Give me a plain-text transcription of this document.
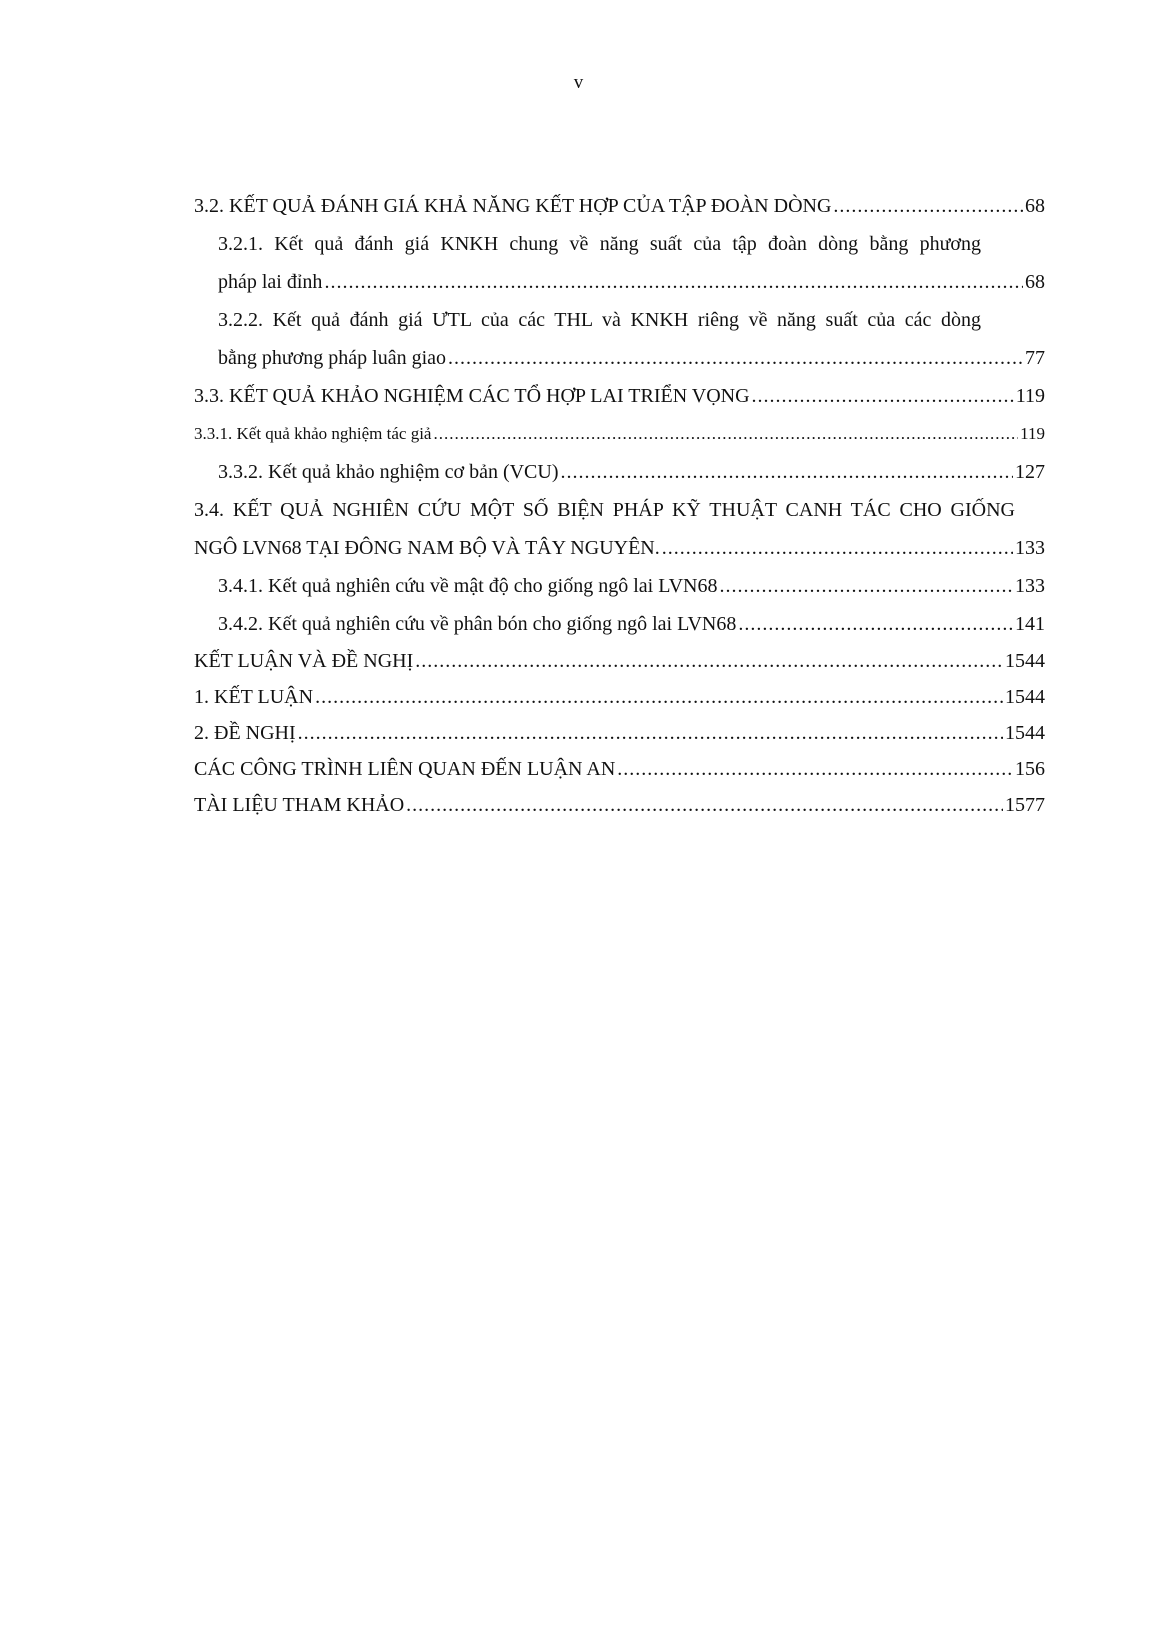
v
3.2. KẾT QUẢ ĐÁNH GIÁ KHẢ NĂNG KẾT HỢP CỦA TẬP ĐOÀN DÒNG .....	68
3.2.1. Kết quả đánh giá KNKH chung về năng suất của tập đoàn dòng bằng phương
pháp lai đỉnh .....	68
3.2.2. Kết quả đánh giá ƯTL của các THL và KNKH riêng về năng suất của các dòng
bằng phương pháp luân giao .....	77
3.3. KẾT QUẢ KHẢO NGHIỆM CÁC TỔ HỢP LAI TRIỂN VỌNG .....	119
3.3.1. Kết quả khảo nghiệm tác giả .....	119
3.3.2. Kết quả khảo nghiệm cơ bản (VCU) .....	127
3.4. KẾT QUẢ NGHIÊN CỨU MỘT SỐ BIỆN PHÁP KỸ THUẬT CANH TÁC CHO GIỐNG
NGÔ LVN68 TẠI ĐÔNG NAM BỘ VÀ TÂY NGUYÊN. .....	133
3.4.1. Kết quả nghiên cứu về mật độ cho giống ngô lai LVN68 .....	133
3.4.2. Kết quả nghiên cứu về phân bón cho giống ngô lai LVN68 .....	141
KẾT LUẬN VÀ ĐỀ NGHỊ .....	1544
1. KẾT LUẬN .....	1544
2. ĐỀ NGHỊ .....	1544
CÁC CÔNG TRÌNH LIÊN QUAN ĐẾN LUẬN AN .....	156
TÀI LIỆU THAM KHẢO .....	1577
